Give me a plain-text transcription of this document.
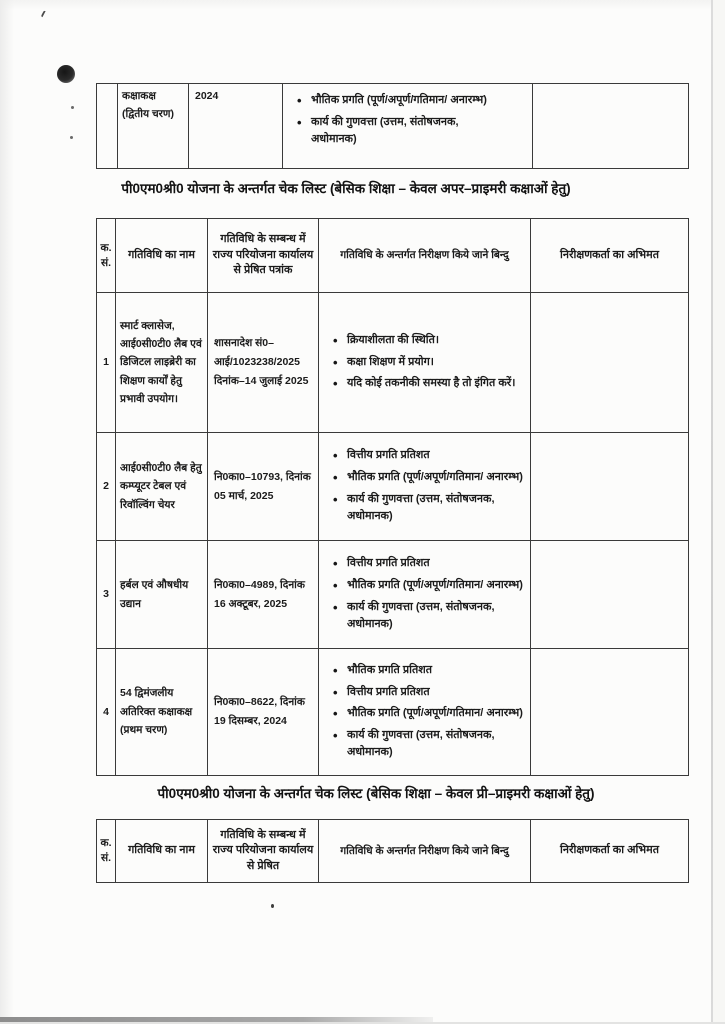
	कक्षाकक्ष (द्वितीय चरण)	2024	
•भौतिक प्रगति (पूर्ण/अपूर्ण/गतिमान/ अनारम्भ)
• कार्य की गुणवत्ता (उत्तम, संतोषजनक, अधोमानक)

पी0एम0श्री0 योजना के अन्तर्गत चेक लिस्ट (बेसिक शिक्षा – केवल अपर–प्राइमरी कक्षाओं हेतु)
क. सं.	गतिविधि का नाम	गतिविधि के सम्बन्ध में राज्य परियोजना कार्यालय से प्रेषित पत्रांक	गतिविधि के अन्तर्गत निरीक्षण किये जाने बिन्दु	निरीक्षणकर्ता का अभिमत
1	स्मार्ट क्लासेज, आई0सी0टी0 लैब एवं डिजिटल लाइब्रेरी का शिक्षण कार्यों हेतु प्रभावी उपयोग।	शासनादेश सं0– आई/1023238/2025 दिनांक–14 जुलाई 2025	
• क्रियाशीलता की स्थिति।
• कक्षा शिक्षण में प्रयोग।
• यदि कोई तकनीकी समस्या है तो इंगित करें।

2	आई0सी0टी0 लैब हेतु कम्प्यूटर टेबल एवं रिवॉल्विंग चेयर	नि0का0–10793, दिनांक 05 मार्च, 2025	
• वित्तीय प्रगति प्रतिशत
• भौतिक प्रगति (पूर्ण/अपूर्ण/गतिमान/ अनारम्भ)
• कार्य की गुणवत्ता (उत्तम, संतोषजनक, अधोमानक)

3	हर्बल एवं औषधीय उद्यान	नि0का0–4989, दिनांक 16 अक्टूबर, 2025	
• वित्तीय प्रगति प्रतिशत
• भौतिक प्रगति (पूर्ण/अपूर्ण/गतिमान/ अनारम्भ)
• कार्य की गुणवत्ता (उत्तम, संतोषजनक, अधोमानक)

4	54 द्विमंजलीय अतिरिक्त कक्षाकक्ष (प्रथम चरण)	नि0का0–8622, दिनांक 19 दिसम्बर, 2024	
• भौतिक प्रगति प्रतिशत
• वित्तीय प्रगति प्रतिशत
• भौतिक प्रगति (पूर्ण/अपूर्ण/गतिमान/ अनारम्भ)
• कार्य की गुणवत्ता (उत्तम, संतोषजनक, अधोमानक)

पी0एम0श्री0 योजना के अन्तर्गत चेक लिस्ट (बेसिक शिक्षा – केवल प्री–प्राइमरी कक्षाओं हेतु)
क. सं.	गतिविधि का नाम	गतिविधि के सम्बन्ध में राज्य परियोजना कार्यालय से प्रेषित	गतिविधि के अन्तर्गत निरीक्षण किये जाने बिन्दु	निरीक्षणकर्ता का अभिमत
